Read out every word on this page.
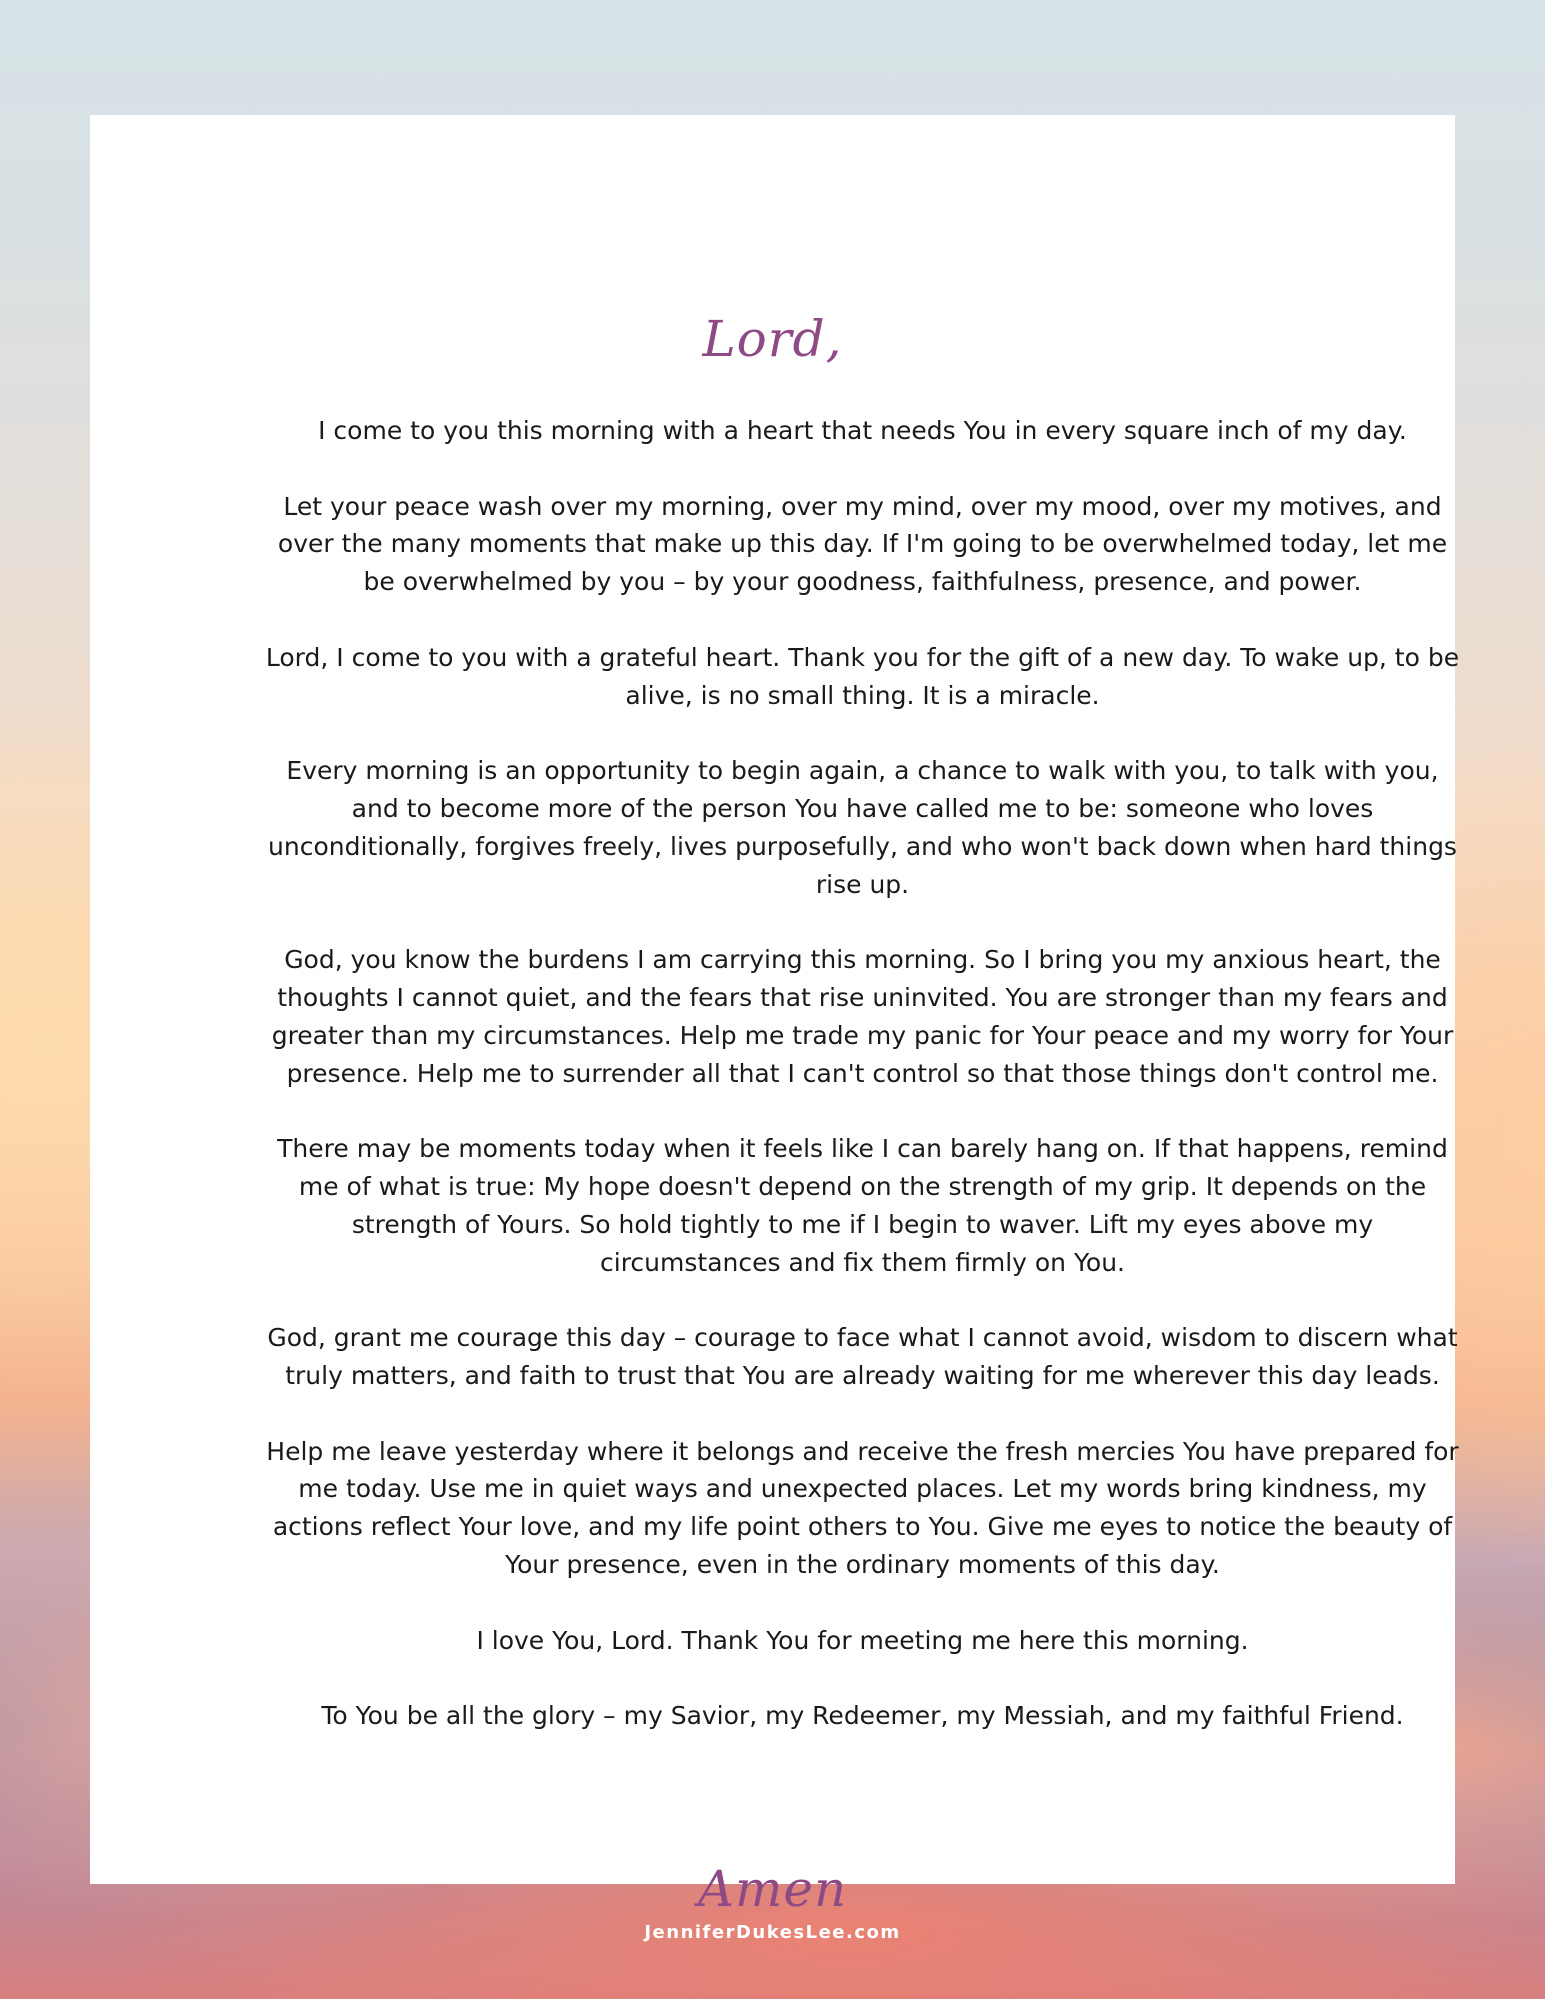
Lord,

I come to you this morning with a heart that needs You in every square inch of my day.

Let your peace wash over my morning, over my mind, over my mood, over my motives, and over the many moments that make up this day. If I'm going to be overwhelmed today, let me be overwhelmed by you – by your goodness, faithfulness, presence, and power.

Lord, I come to you with a grateful heart. Thank you for the gift of a new day. To wake up, to be alive, is no small thing. It is a miracle.

Every morning is an opportunity to begin again, a chance to walk with you, to talk with you, and to become more of the person You have called me to be: someone who loves unconditionally, forgives freely, lives purposefully, and who won't back down when hard things rise up.

God, you know the burdens I am carrying this morning. So I bring you my anxious heart, the thoughts I cannot quiet, and the fears that rise uninvited. You are stronger than my fears and greater than my circumstances. Help me trade my panic for Your peace and my worry for Your presence. Help me to surrender all that I can't control so that those things don't control me.

There may be moments today when it feels like I can barely hang on. If that happens, remind me of what is true: My hope doesn't depend on the strength of my grip. It depends on the strength of Yours. So hold tightly to me if I begin to waver. Lift my eyes above my circumstances and fix them firmly on You.

God, grant me courage this day – courage to face what I cannot avoid, wisdom to discern what truly matters, and faith to trust that You are already waiting for me wherever this day leads.

Help me leave yesterday where it belongs and receive the fresh mercies You have prepared for me today. Use me in quiet ways and unexpected places. Let my words bring kindness, my actions reflect Your love, and my life point others to You. Give me eyes to notice the beauty of Your presence, even in the ordinary moments of this day.

I love You, Lord. Thank You for meeting me here this morning.

To You be all the glory – my Savior, my Redeemer, my Messiah, and my faithful Friend.

Amen
JenniferDukesLee.com
